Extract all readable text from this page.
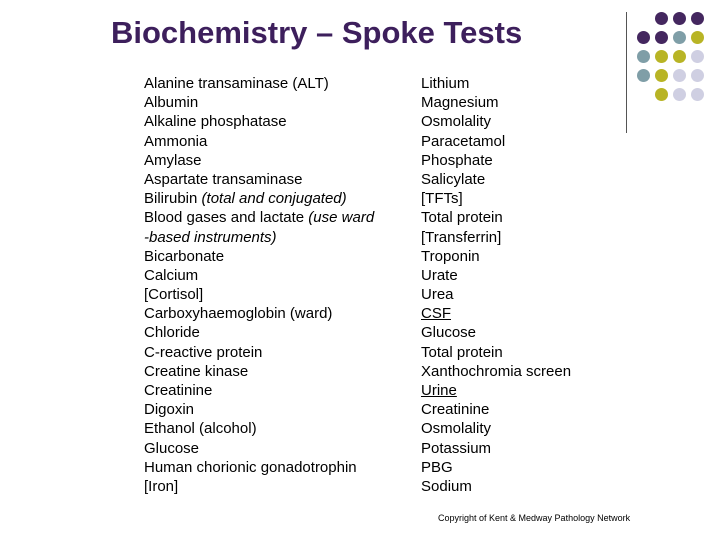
Biochemistry – Spoke Tests
Alanine transaminase (ALT)
Albumin
Alkaline phosphatase
Ammonia
Amylase
Aspartate transaminase
Bilirubin (total and conjugated)
Blood gases and lactate (use ward
-based instruments)
Bicarbonate
Calcium
[Cortisol]
Carboxyhaemoglobin (ward)
Chloride
C-reactive protein
Creatine kinase
Creatinine
Digoxin
Ethanol (alcohol)
Glucose
Human chorionic gonadotrophin
[Iron]
Lithium
Magnesium
Osmolality
Paracetamol
Phosphate
Salicylate
[TFTs]
Total protein
[Transferrin]
Troponin
Urate
Urea
CSF
Glucose
Total protein
Xanthochromia screen
Urine
Creatinine
Osmolality
Potassium
PBG
Sodium
Copyright of Kent & Medway Pathology Network
